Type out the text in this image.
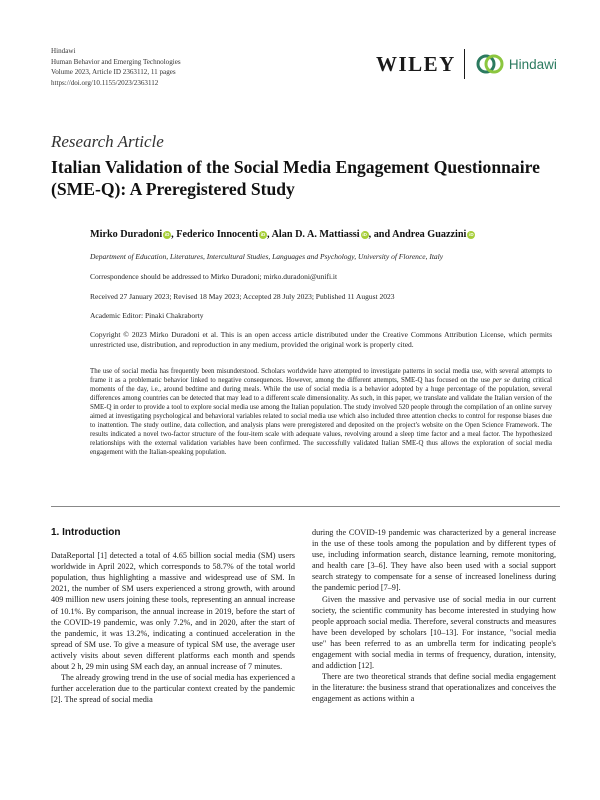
Hindawi
Human Behavior and Emerging Technologies
Volume 2023, Article ID 2363112, 11 pages
https://doi.org/10.1155/2023/2363112
WILEY	Hindawi
Research Article
Italian Validation of the Social Media Engagement Questionnaire (SME-Q): A Preregistered Study
Mirko Duradoni iD , Federico Innocenti iD , Alan D. A. Mattiassi iD , and Andrea Guazzini iD
Department of Education, Literatures, Intercultural Studies, Languages and Psychology, University of Florence, Italy
Correspondence should be addressed to Mirko Duradoni; mirko.duradoni@unifi.it
Received 27 January 2023; Revised 18 May 2023; Accepted 28 July 2023; Published 11 August 2023
Academic Editor: Pinaki Chakraborty

Copyright © 2023 Mirko Duradoni et al. This is an open access article distributed under the Creative Commons Attribution License, which permits unrestricted use, distribution, and reproduction in any medium, provided the original work is properly cited.

The use of social media has frequently been misunderstood. Scholars worldwide have attempted to investigate patterns in social media use, with several attempts to frame it as a problematic behavior linked to negative consequences. However, among the different attempts, SME-Q has focused on the use per se during critical moments of the day, i.e., around bedtime and during meals. While the use of social media is a behavior adopted by a huge percentage of the population, several differences among countries can be detected that may lead to a different scale dimensionality. As such, in this paper, we translate and validate the Italian version of the SME-Q in order to provide a tool to explore social media use among the Italian population. The study involved 520 people through the compilation of an online survey aimed at investigating psychological and behavioral variables related to social media use which also included three attention checks to control for response biases due to inattention. The study outline, data collection, and analysis plans were preregistered and deposited on the project's website on the Open Science Framework. The results indicated a novel two-factor structure of the four-item scale with adequate values, revolving around a sleep time factor and a meal factor. The hypothesized relationships with the external validation variables have been confirmed. The successfully validated Italian SME-Q thus allows the exploration of social media engagement with the Italian-speaking population.

1. Introduction

DataReportal [1] detected a total of 4.65 billion social media (SM) users worldwide in April 2022, which corresponds to 58.7% of the total world population, thus highlighting a massive and widespread use of SM. In 2021, the number of SM users experienced a strong growth, with around 409 million new users joining these tools, representing an annual increase of 10.1%. By comparison, the annual increase in 2019, before the start of the COVID-19 pandemic, was only 7.2%, and in 2020, after the start of the pandemic, it was 13.2%, indicating a continued acceleration in the spread of SM use. To give a measure of typical SM use, the average user actively visits about seven different platforms each month and spends about 2 h, 29 min using SM each day, an annual increase of 7 minutes.

The already growing trend in the use of social media has experienced a further acceleration due to the particular context created by the pandemic [2]. The spread of social media

during the COVID-19 pandemic was characterized by a general increase in the use of these tools among the population and by different types of use, including information search, distance learning, remote monitoring, and health care [3–6]. They have also been used with a social support search strategy to compensate for a sense of increased loneliness during the pandemic period [7–9].

Given the massive and pervasive use of social media in our current society, the scientific community has become interested in studying how people approach social media. Therefore, several constructs and measures have been developed by scholars [10–13]. For instance, "social media use" has been referred to as an umbrella term for indicating people's engagement with social media in terms of frequency, duration, intensity, and addiction [12].

There are two theoretical strands that define social media engagement in the literature: the business strand that operationalizes and conceives the engagement as actions within a
